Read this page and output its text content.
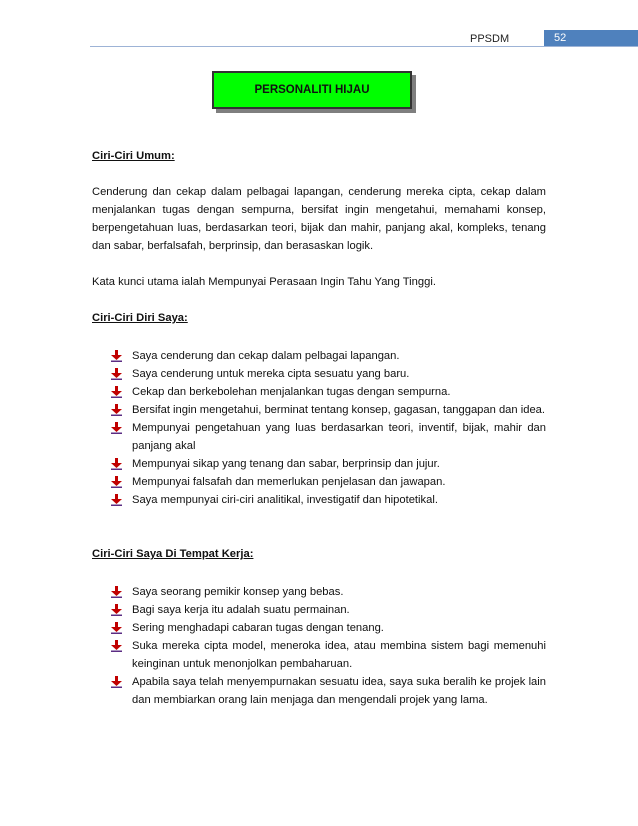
PPSDM	52
PERSONALITI HIJAU

Ciri-Ciri Umum:

Cenderung dan cekap dalam pelbagai lapangan, cenderung mereka cipta, cekap dalam menjalankan tugas dengan sempurna, bersifat ingin mengetahui, memahami konsep, berpengetahuan luas, berdasarkan teori, bijak dan mahir, panjang akal, kompleks, tenang dan sabar, berfalsafah, berprinsip, dan berasaskan logik.

Kata kunci utama ialah Mempunyai Perasaan Ingin Tahu Yang Tinggi.

Ciri-Ciri Diri Saya:

Saya cenderung dan cekap dalam pelbagai lapangan.
Saya cenderung untuk mereka cipta sesuatu yang baru.
Cekap dan berkebolehan menjalankan tugas dengan sempurna.
Bersifat ingin mengetahui, berminat tentang konsep, gagasan, tanggapan dan idea.
Mempunyai pengetahuan yang luas berdasarkan teori, inventif, bijak, mahir dan panjang akal
Mempunyai sikap yang tenang dan sabar, berprinsip dan jujur.
Mempunyai falsafah dan memerlukan penjelasan dan jawapan.
Saya mempunyai ciri-ciri analitikal, investigatif dan hipotetikal.

Ciri-Ciri Saya Di Tempat Kerja:

Saya seorang pemikir konsep yang bebas.
Bagi saya kerja itu adalah suatu permainan.
Sering menghadapi cabaran tugas dengan tenang.
Suka mereka cipta model, meneroka idea, atau membina sistem bagi memenuhi keinginan untuk menonjolkan pembaharuan.
Apabila saya telah menyempurnakan sesuatu idea, saya suka beralih ke projek lain dan membiarkan orang lain menjaga dan mengendali projek yang lama.
